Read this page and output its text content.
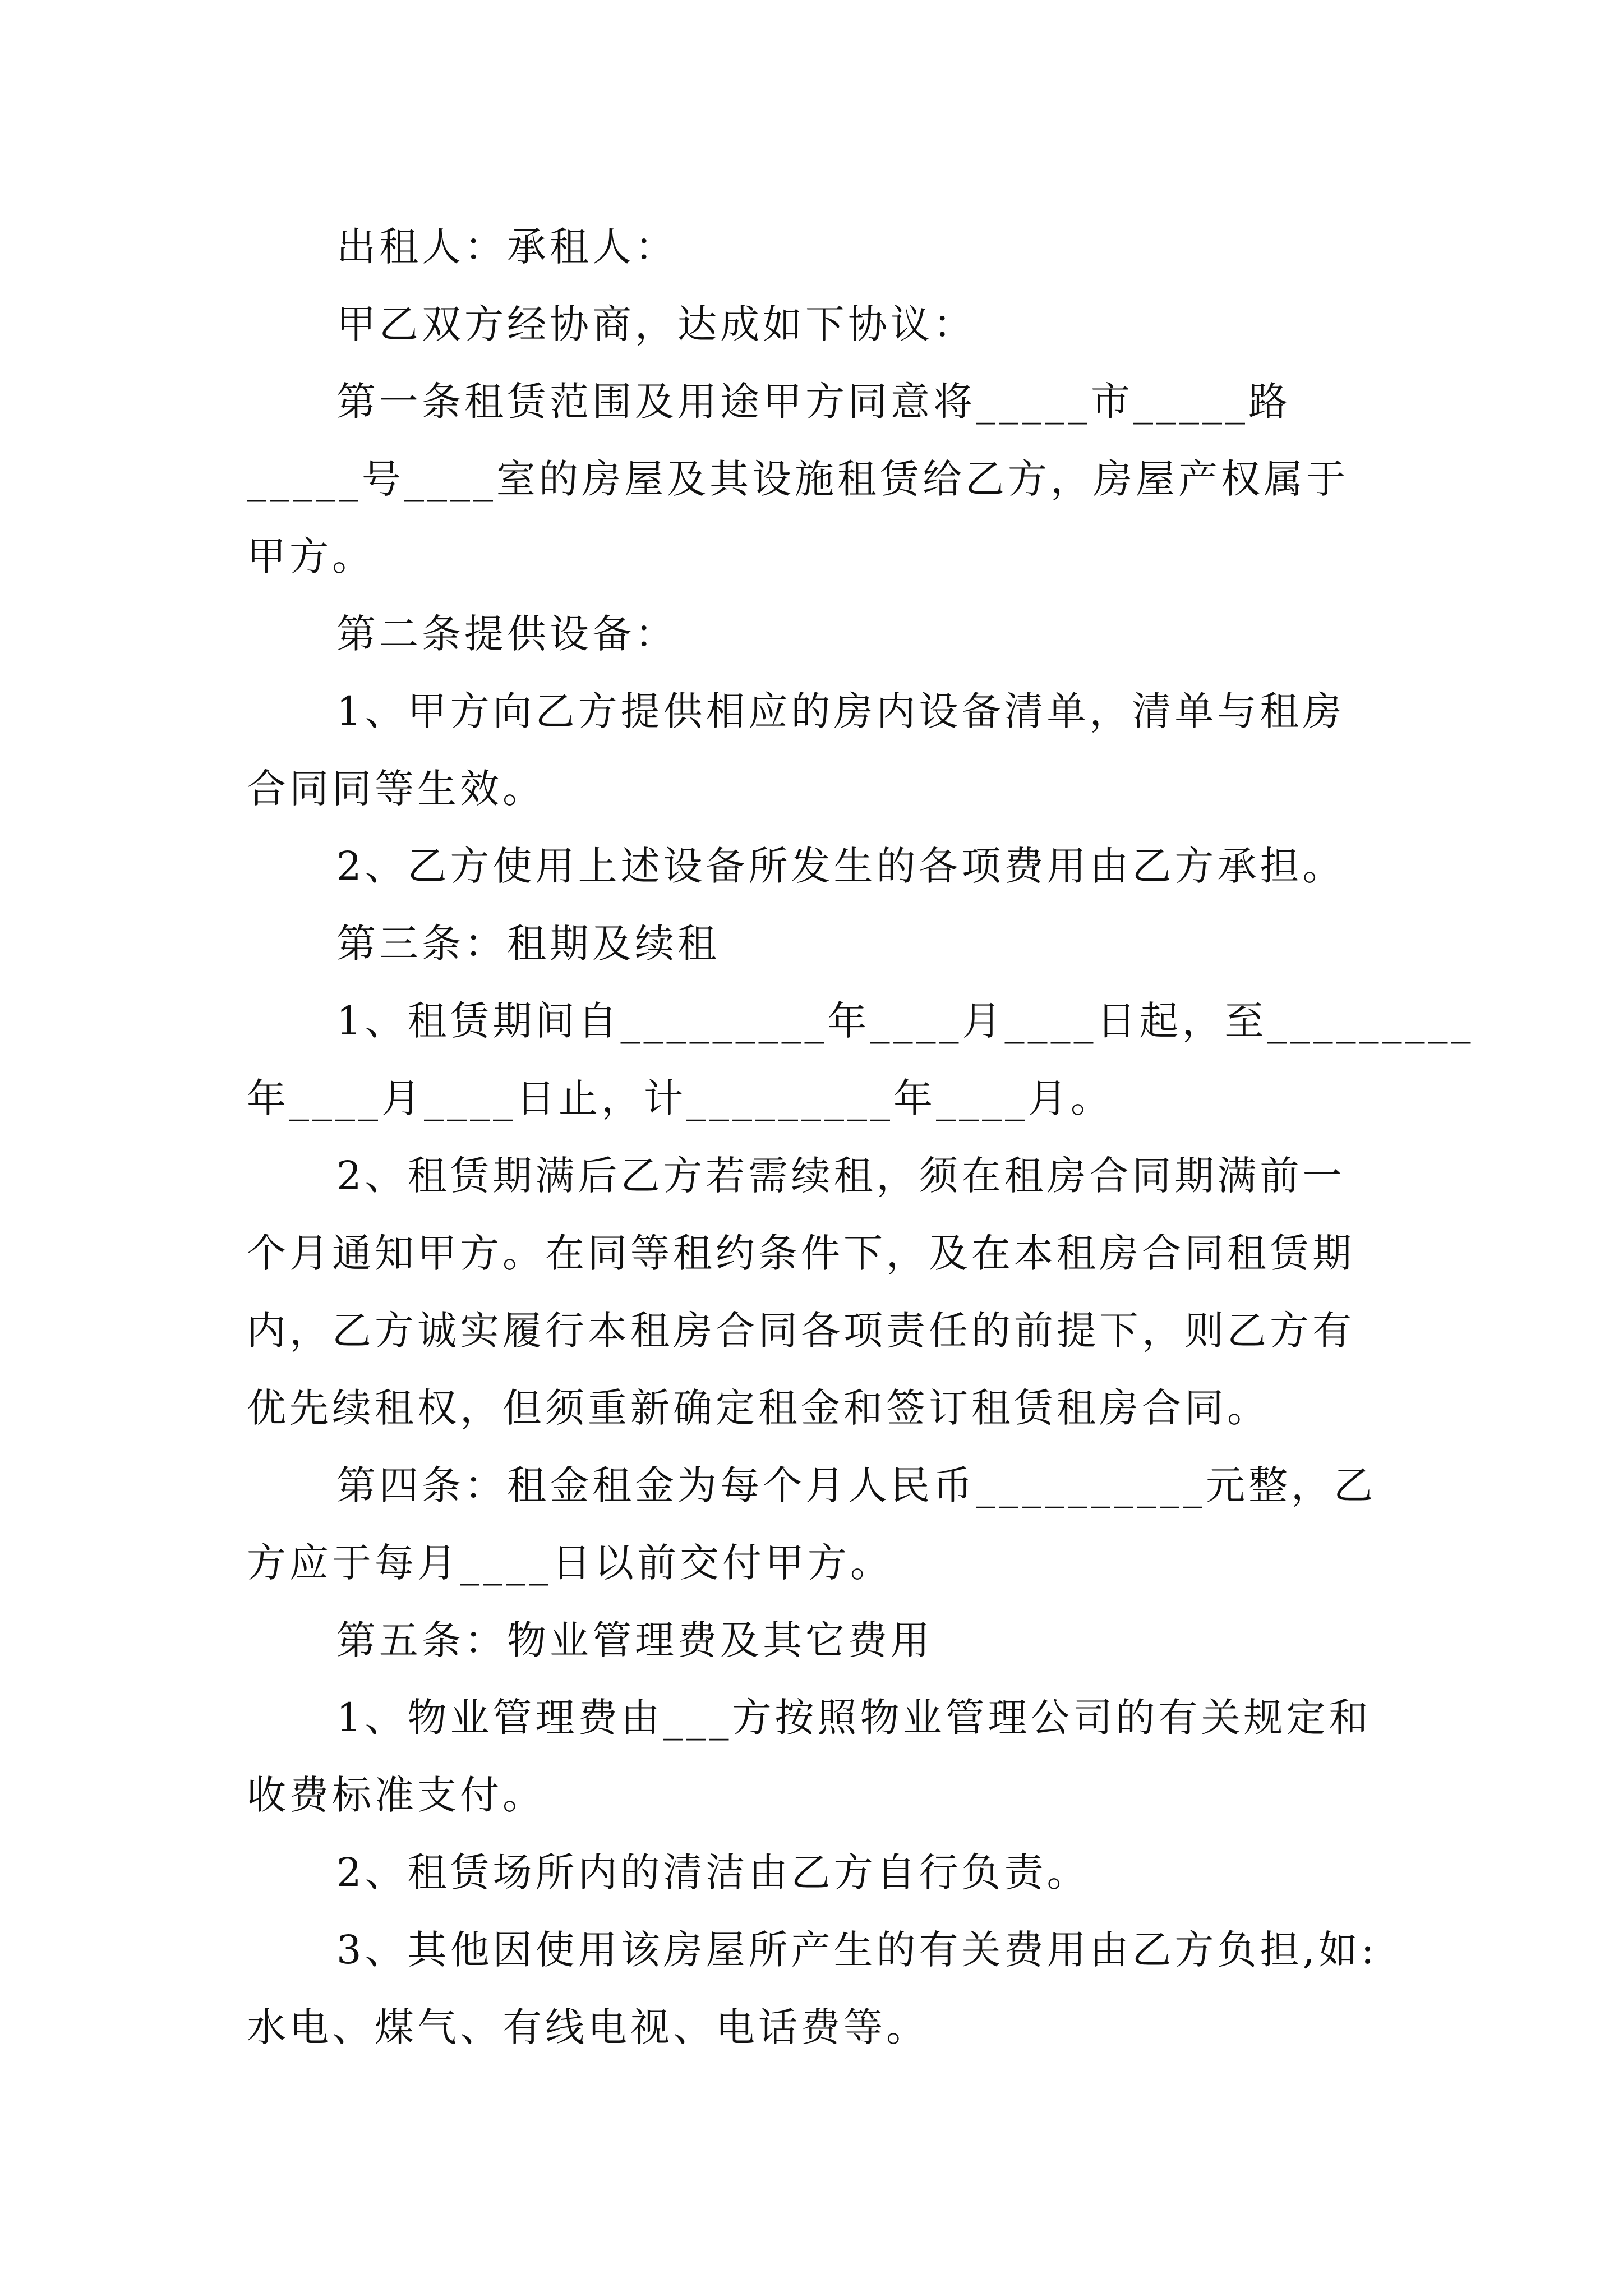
出租人：承租人：
甲乙双方经协商，达成如下协议：
第一条租赁范围及用途甲方同意将_____市_____路
_____号____室的房屋及其设施租赁给乙方，房屋产权属于
甲方。
第二条提供设备：
1、甲方向乙方提供相应的房内设备清单，清单与租房
合同同等生效。
2、乙方使用上述设备所发生的各项费用由乙方承担。
第三条：租期及续租
1、租赁期间自_________年____月____日起，至_________
年____月____日止，计_________年____月。
2、租赁期满后乙方若需续租，须在租房合同期满前一
个月通知甲方。在同等租约条件下，及在本租房合同租赁期
内，乙方诚实履行本租房合同各项责任的前提下，则乙方有
优先续租权，但须重新确定租金和签订租赁租房合同。
第四条：租金租金为每个月人民币__________元整，乙
方应于每月____日以前交付甲方。
第五条：物业管理费及其它费用
1、物业管理费由___方按照物业管理公司的有关规定和
收费标准支付。
2、租赁场所内的清洁由乙方自行负责。
3、其他因使用该房屋所产生的有关费用由乙方负担,如:
水电、煤气、有线电视、电话费等。
